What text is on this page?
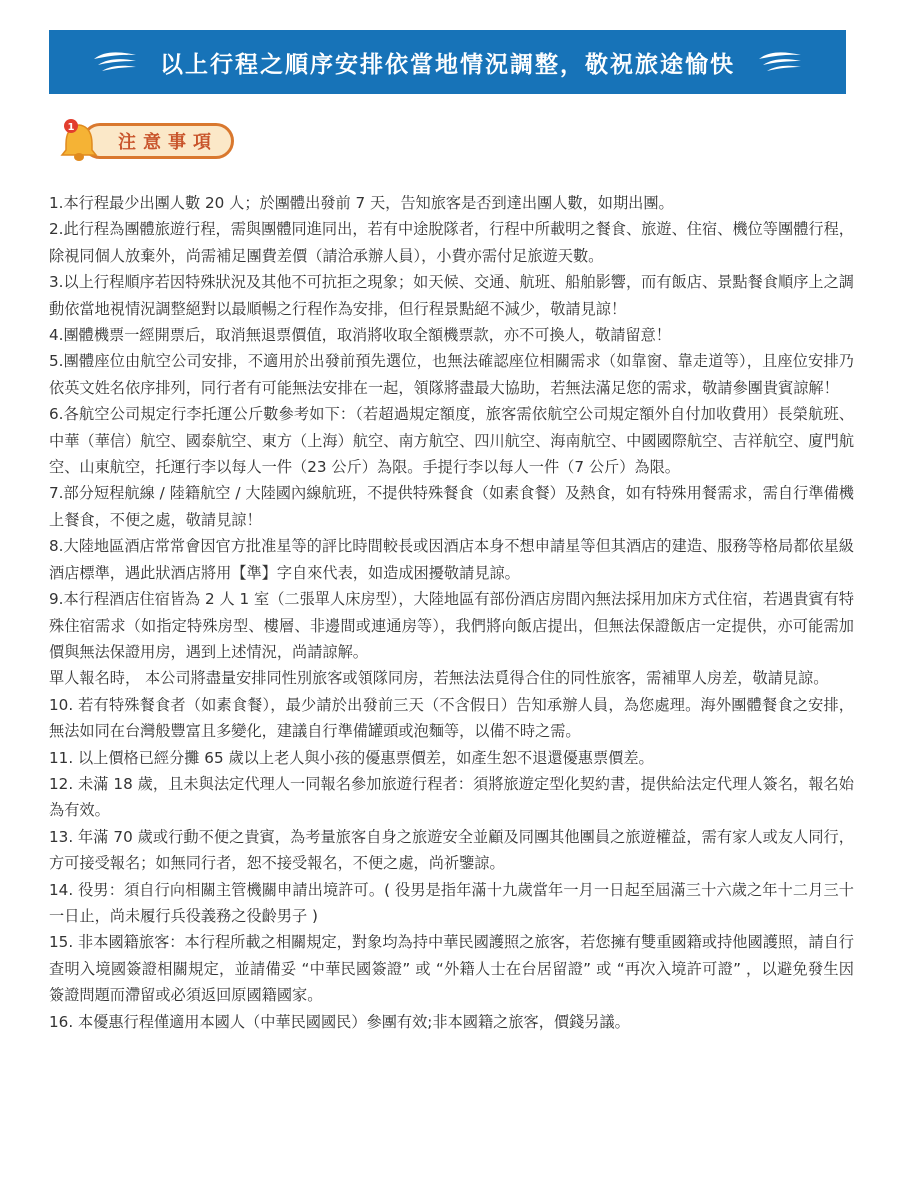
以上行程之順序安排依當地情況調整，敬祝旅途愉快
注意事項
1

1.本行程最少出團人數 20 人；於團體出發前 7 天，告知旅客是否到達出團人數，如期出團。

2.此行程為團體旅遊行程，需與團體同進同出，若有中途脫隊者，行程中所載明之餐食、旅遊、住宿、機位等團體行程，除視同個人放棄外，尚需補足團費差價（請洽承辦人員），小費亦需付足旅遊天數。

3.以上行程順序若因特殊狀況及其他不可抗拒之現象；如天候、交通、航班、船舶影響，而有飯店、景點餐食順序上之調動依當地視情況調整絕對以最順暢之行程作為安排，但行程景點絕不減少，敬請見諒！

4.團體機票一經開票后，取消無退票價值，取消將收取全額機票款，亦不可換人，敬請留意！

5.團體座位由航空公司安排，不適用於出發前預先選位，也無法確認座位相關需求（如靠窗、靠走道等），且座位安排乃依英文姓名依序排列，同行者有可能無法安排在一起，領隊將盡最大協助，若無法滿足您的需求，敬請參團貴賓諒解！

6.各航空公司規定行李托運公斤數參考如下：（若超過規定額度，旅客需依航空公司規定額外自付加收費用）長榮航班、中華（華信）航空、國泰航空、東方（上海）航空、南方航空、四川航空、海南航空、中國國際航空、吉祥航空、廈門航空、山東航空，托運行李以每人一件（23 公斤）為限。手提行李以每人一件（7 公斤）為限。

7.部分短程航線 / 陸籍航空 / 大陸國內線航班，不提供特殊餐食（如素食餐）及熱食，如有特殊用餐需求，需自行準備機上餐食，不便之處，敬請見諒！

8.大陸地區酒店常常會因官方批准星等的評比時間較長或因酒店本身不想申請星等但其酒店的建造、服務等格局都依星級酒店標準，遇此狀酒店將用【準】字自來代表，如造成困擾敬請見諒。

9.本行程酒店住宿皆為 2 人 1 室（二張單人床房型），大陸地區有部份酒店房間內無法採用加床方式住宿，若遇貴賓有特殊住宿需求（如指定特殊房型、樓層、非邊間或連通房等），我們將向飯店提出，但無法保證飯店一定提供，亦可能需加價與無法保證用房，遇到上述情況，尚請諒解。

單人報名時， 本公司將盡量安排同性別旅客或領隊同房，若無法法覓得合住的同性旅客，需補單人房差，敬請見諒。

10. 若有特殊餐食者（如素食餐），最少請於出發前三天（不含假日）告知承辦人員，為您處理。海外團體餐食之安排，無法如同在台灣般豐富且多變化，建議自行準備罐頭或泡麵等，以備不時之需。

11. 以上價格已經分攤 65 歲以上老人與小孩的優惠票價差，如產生恕不退還優惠票價差。

12. 未滿 18 歲，且未與法定代理人一同報名參加旅遊行程者：須將旅遊定型化契約書，提供給法定代理人簽名，報名始為有效。

13. 年滿 70 歲或行動不便之貴賓，為考量旅客自身之旅遊安全並顧及同團其他團員之旅遊權益，需有家人或友人同行，方可接受報名；如無同行者，恕不接受報名，不便之處，尚祈鑒諒。

14. 役男：須自行向相關主管機關申請出境許可。( 役男是指年滿十九歲當年一月一日起至屆滿三十六歲之年十二月三十一日止，尚未履行兵役義務之役齡男子 )

15. 非本國籍旅客：本行程所載之相關規定，對象均為持中華民國護照之旅客，若您擁有雙重國籍或持他國護照，請自行查明入境國簽證相關規定，並請備妥 “中華民國簽證” 或 “外籍人士在台居留證” 或 “再次入境許可證” ，以避免發生因簽證問題而滯留或必須返回原國籍國家。

16. 本優惠行程僅適用本國人（中華民國國民）參團有效;非本國籍之旅客，價錢另議。
